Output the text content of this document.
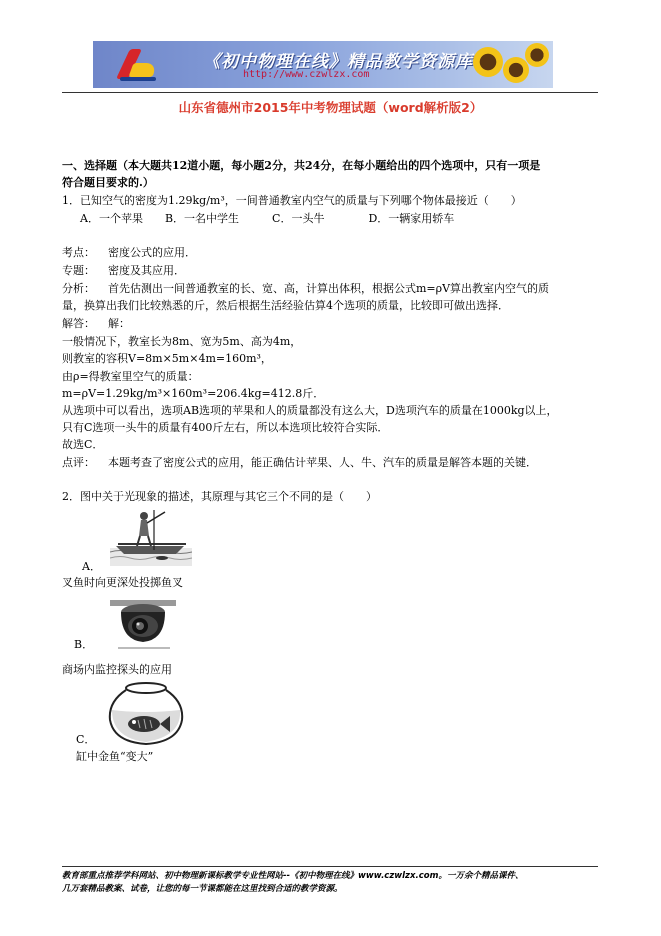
《初中物理在线》精品教学资源库
http://www.czwlzx.com
山东省德州市2015年中考物理试题（word解析版2）
一、选择题（本大题共12道小题，每小题2分，共24分，在每小题给出的四个选项中，只有一项是
符合题目要求的.）
1．已知空气的密度为1.29kg/m³，一间普通教室内空气的质量与下列哪个物体最接近（　　）
A．一个苹果　　B．一名中学生　　　C．一头牛　　　　D．一辆家用轿车
考点： 密度公式的应用．
专题： 密度及其应用．
分析： 首先估测出一间普通教室的长、宽、高，计算出体积，根据公式m=ρV算出教室内空气的质
量，换算出我们比较熟悉的斤，然后根据生活经验估算4个选项的质量，比较即可做出选择．
解答： 解：
一般情况下，教室长为8m、宽为5m、高为4m，
则教室的容积V=8m×5m×4m=160m³，
由ρ=得教室里空气的质量：
m=ρV=1.29kg/m³×160m³=206.4kg=412.8斤．
从选项中可以看出，选项AB选项的苹果和人的质量都没有这么大，D选项汽车的质量在1000kg以上，
只有C选项一头牛的质量有400斤左右，所以本选项比较符合实际．
故选C．
点评： 本题考查了密度公式的应用，能正确估计苹果、人、牛、汽车的质量是解答本题的关键．
2．图中关于光现象的描述，其原理与其它三个不同的是（　　）
A．
叉鱼时向更深处投掷鱼叉
B．
商场内监控探头的应用
C．
缸中金鱼“变大”
教育部重点推荐学科网站、初中物理新课标教学专业性网站--《初中物理在线》www.czwlzx.com。一万余个精品课件、
几万套精品教案、试卷，让您的每一节课都能在这里找到合适的教学资源。
